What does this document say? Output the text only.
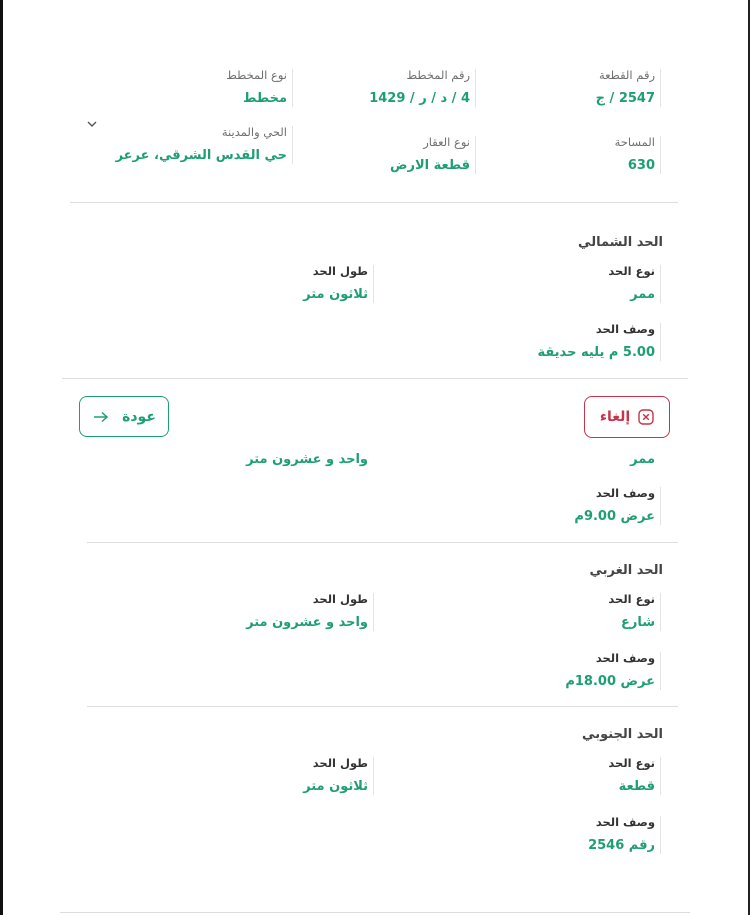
رقم القطعة
2547 / ج
رقم المخطط
4 / د / ر / 1429
نوع المخطط
مخطط
المساحة
630
نوع العقار
قطعة الارض
الحي والمدينة
حي القدس الشرقي، عرعر
الحد الشمالي
نوع الحد
ممر
طول الحد
ثلاثون متر
وصف الحد
5.00 م يليه حديقة
إلغاء
عودة
ممر
واحد و عشرون متر
وصف الحد
عرض 9.00م
الحد الغربي
نوع الحد
شارع
طول الحد
واحد و عشرون متر
وصف الحد
عرض 18.00م
الحد الجنوبي
نوع الحد
قطعة
طول الحد
ثلاثون متر
وصف الحد
رقم 2546
